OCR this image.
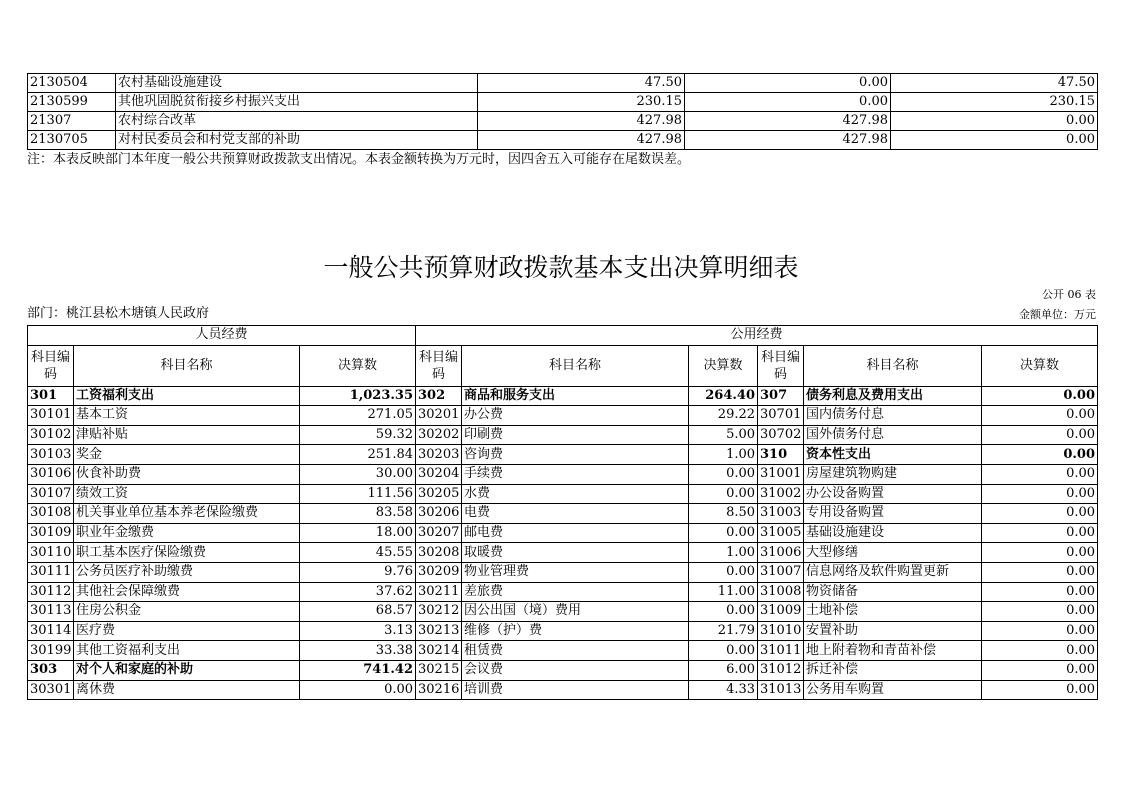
2130504	农村基础设施建设	47.50	0.00	47.50
2130599	其他巩固脱贫衔接乡村振兴支出	230.15	0.00	230.15
21307	农村综合改革	427.98	427.98	0.00
2130705	对村民委员会和村党支部的补助	427.98	427.98	0.00
注：本表反映部门本年度一般公共预算财政拨款支出情况。本表金额转换为万元时，因四舍五入可能存在尾数误差。
一般公共预算财政拨款基本支出决算明细表
公开 06 表
部门：桃江县松木塘镇人民政府	金额单位：万元
人员经费			公用经费					
科目编码	科目名称	决算数	科目编码	科目名称	决算数	科目编码	科目名称	决算数
301	工资福利支出	1,023.35	302	商品和服务支出	264.40	307	债务利息及费用支出	0.00
30101	基本工资	271.05	30201	办公费	29.22	30701	国内债务付息	0.00
30102	津贴补贴	59.32	30202	印刷费	5.00	30702	国外债务付息	0.00
30103	奖金	251.84	30203	咨询费	1.00	310	资本性支出	0.00
30106	伙食补助费	30.00	30204	手续费	0.00	31001	房屋建筑物购建	0.00
30107	绩效工资	111.56	30205	水费	0.00	31002	办公设备购置	0.00
30108	机关事业单位基本养老保险缴费	83.58	30206	电费	8.50	31003	专用设备购置	0.00
30109	职业年金缴费	18.00	30207	邮电费	0.00	31005	基础设施建设	0.00
30110	职工基本医疗保险缴费	45.55	30208	取暖费	1.00	31006	大型修缮	0.00
30111	公务员医疗补助缴费	9.76	30209	物业管理费	0.00	31007	信息网络及软件购置更新	0.00
30112	其他社会保障缴费	37.62	30211	差旅费	11.00	31008	物资储备	0.00
30113	住房公积金	68.57	30212	因公出国（境）费用	0.00	31009	土地补偿	0.00
30114	医疗费	3.13	30213	维修（护）费	21.79	31010	安置补助	0.00
30199	其他工资福利支出	33.38	30214	租赁费	0.00	31011	地上附着物和青苗补偿	0.00
303	对个人和家庭的补助	741.42	30215	会议费	6.00	31012	拆迁补偿	0.00
30301	离休费	0.00	30216	培训费	4.33	31013	公务用车购置	0.00
